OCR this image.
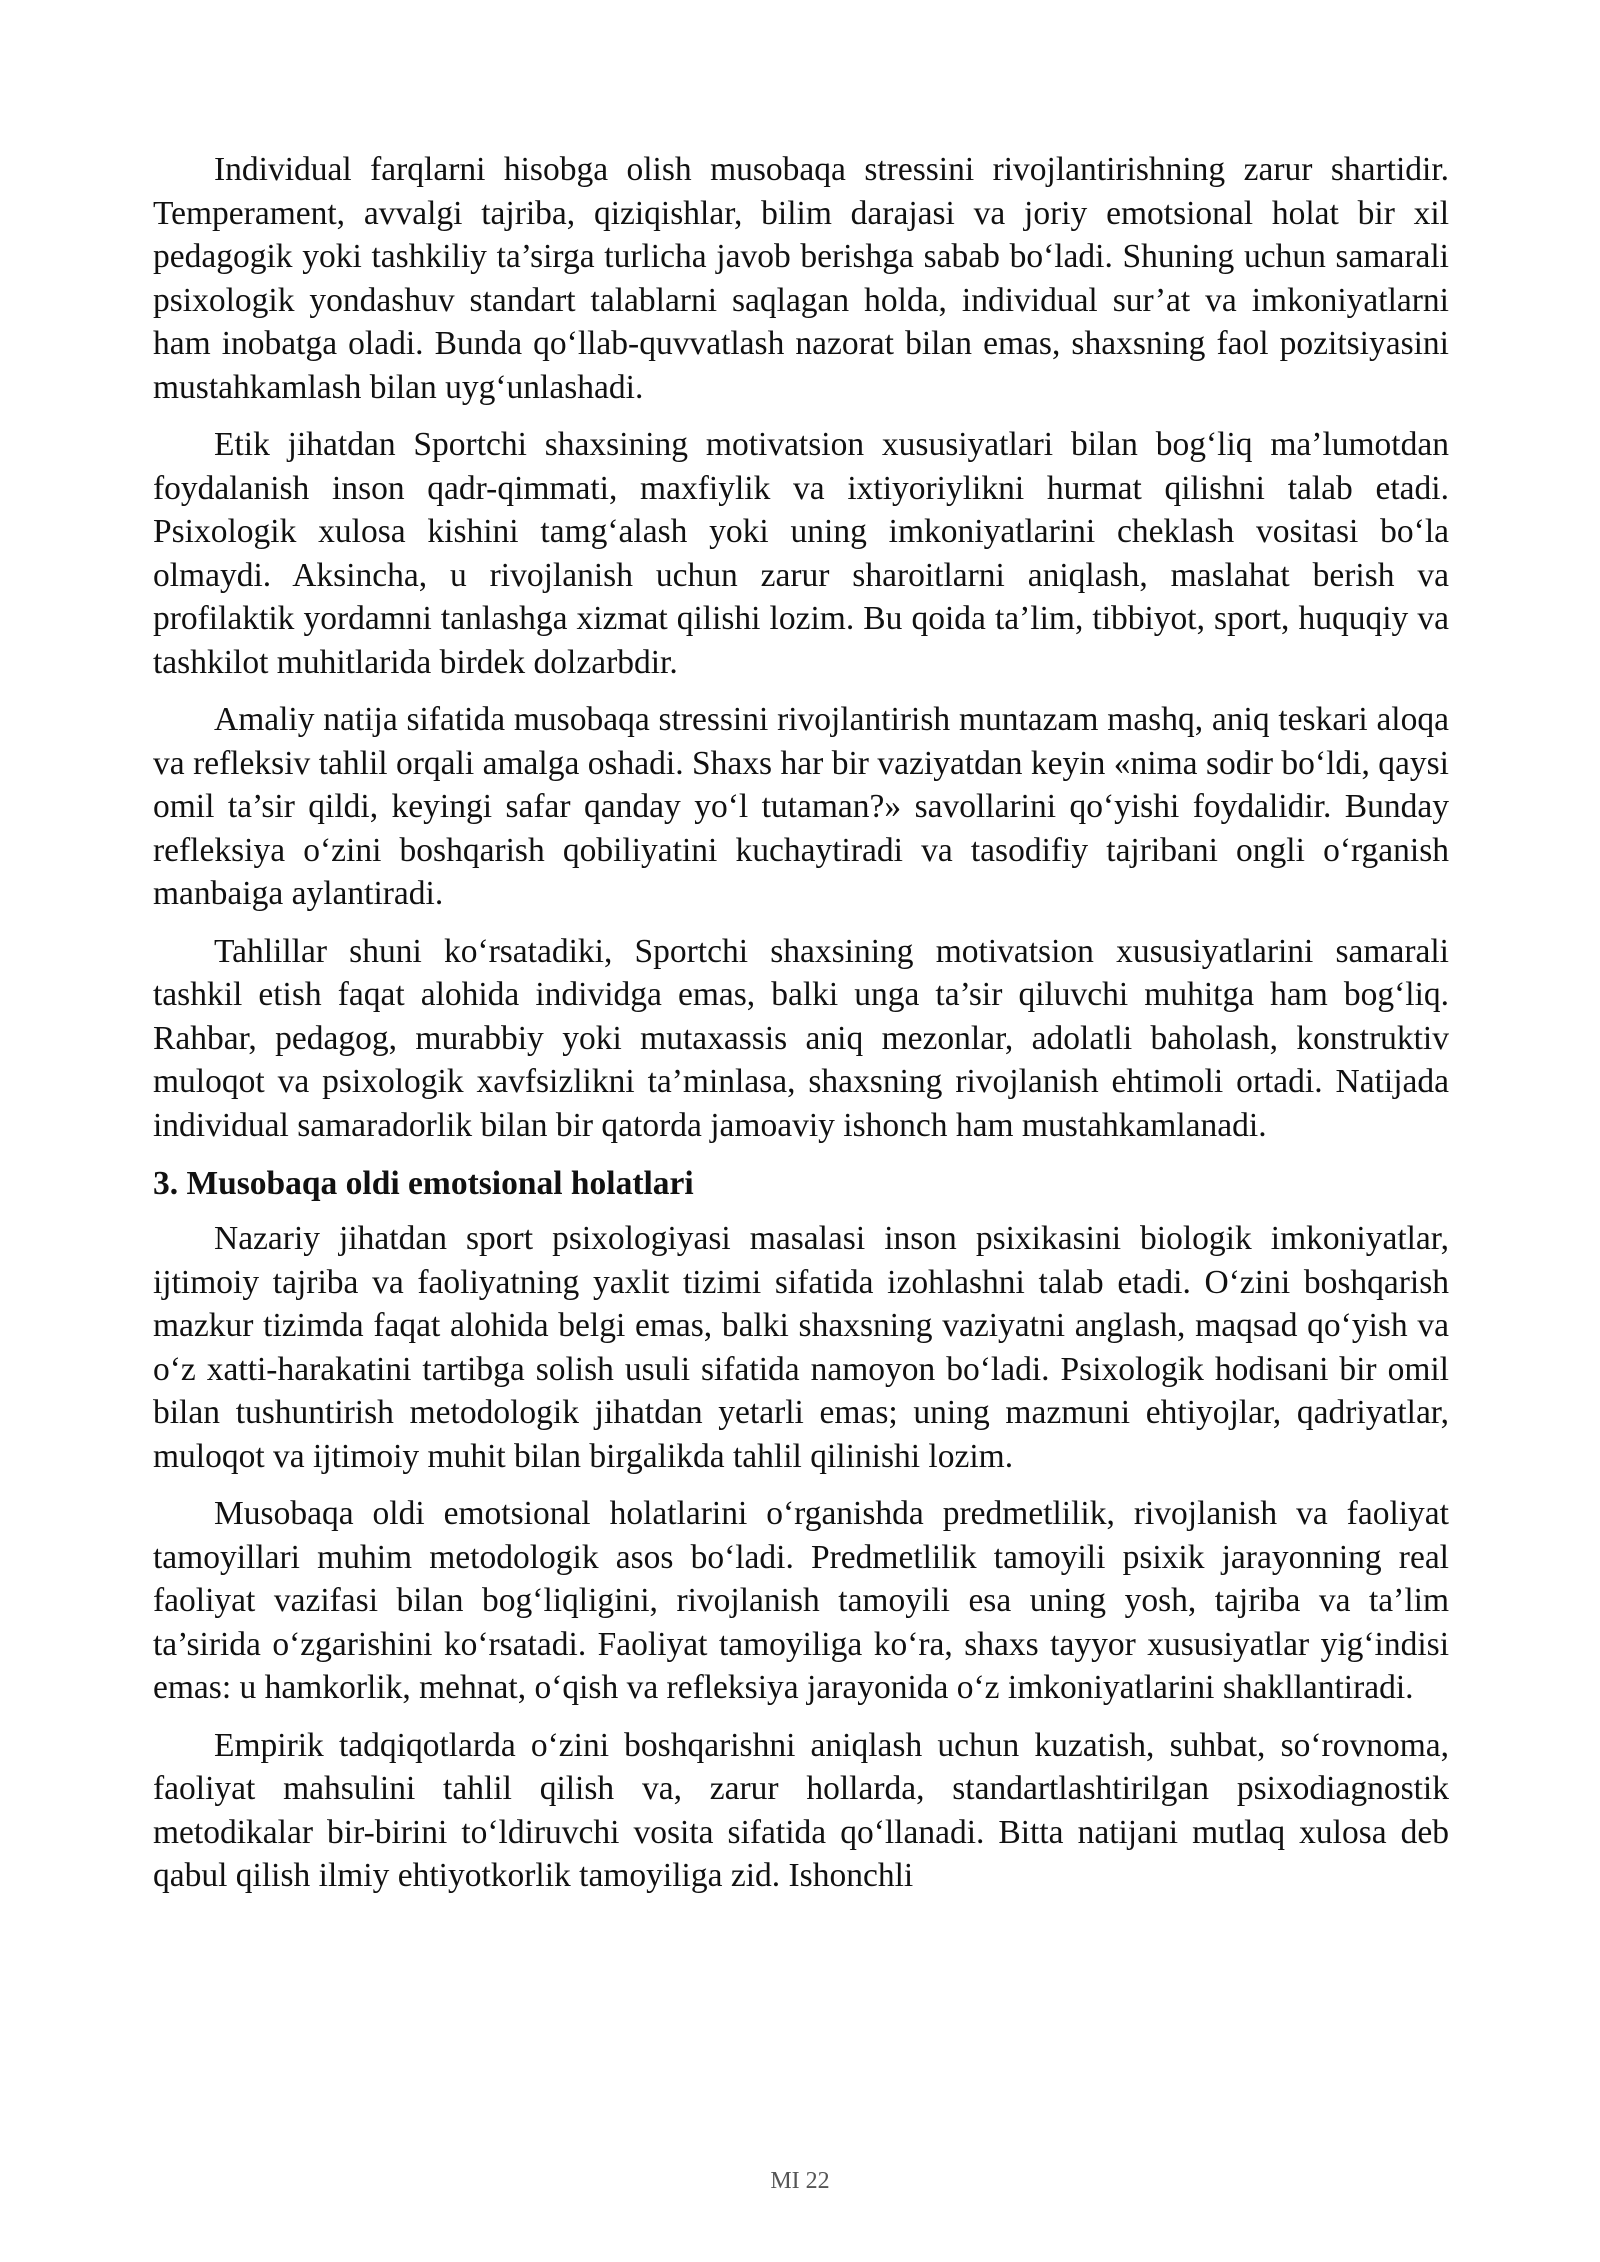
Individual farqlarni hisobga olish musobaqa stressini rivojlantirishning zarur shartidir. Temperament, avvalgi tajriba, qiziqishlar, bilim darajasi va joriy emotsional holat bir xil pedagogik yoki tashkiliy ta’sirga turlicha javob berishga sabab bo‘ladi. Shuning uchun samarali psixologik yondashuv standart talablarni saqlagan holda, individual sur’at va imkoniyatlarni ham inobatga oladi. Bunda qo‘llab-quvvatlash nazorat bilan emas, shaxsning faol pozitsiyasini mustahkamlash bilan uyg‘unlashadi.

Etik jihatdan Sportchi shaxsining motivatsion xususiyatlari bilan bog‘liq ma’lumotdan foydalanish inson qadr-qimmati, maxfiylik va ixtiyoriylikni hurmat qilishni talab etadi. Psixologik xulosa kishini tamg‘alash yoki uning imkoniyatlarini cheklash vositasi bo‘la olmaydi. Aksincha, u rivojlanish uchun zarur sharoitlarni aniqlash, maslahat berish va profilaktik yordamni tanlashga xizmat qilishi lozim. Bu qoida ta’lim, tibbiyot, sport, huquqiy va tashkilot muhitlarida birdek dolzarbdir.

Amaliy natija sifatida musobaqa stressini rivojlantirish muntazam mashq, aniq teskari aloqa va refleksiv tahlil orqali amalga oshadi. Shaxs har bir vaziyatdan keyin «nima sodir bo‘ldi, qaysi omil ta’sir qildi, keyingi safar qanday yo‘l tutaman?» savollarini qo‘yishi foydalidir. Bunday refleksiya o‘zini boshqarish qobiliyatini kuchaytiradi va tasodifiy tajribani ongli o‘rganish manbaiga aylantiradi.

Tahlillar shuni ko‘rsatadiki, Sportchi shaxsining motivatsion xususiyatlarini samarali tashkil etish faqat alohida individga emas, balki unga ta’sir qiluvchi muhitga ham bog‘liq. Rahbar, pedagog, murabbiy yoki mutaxassis aniq mezonlar, adolatli baholash, konstruktiv muloqot va psixologik xavfsizlikni ta’minlasa, shaxsning rivojlanish ehtimoli ortadi. Natijada individual samaradorlik bilan bir qatorda jamoaviy ishonch ham mustahkamlanadi.

3. Musobaqa oldi emotsional holatlari

Nazariy jihatdan sport psixologiyasi masalasi inson psixikasini biologik imkoniyatlar, ijtimoiy tajriba va faoliyatning yaxlit tizimi sifatida izohlashni talab etadi. O‘zini boshqarish mazkur tizimda faqat alohida belgi emas, balki shaxsning vaziyatni anglash, maqsad qo‘yish va o‘z xatti-harakatini tartibga solish usuli sifatida namoyon bo‘ladi. Psixologik hodisani bir omil bilan tushuntirish metodologik jihatdan yetarli emas; uning mazmuni ehtiyojlar, qadriyatlar, muloqot va ijtimoiy muhit bilan birgalikda tahlil qilinishi lozim.

Musobaqa oldi emotsional holatlarini o‘rganishda predmetlilik, rivojlanish va faoliyat tamoyillari muhim metodologik asos bo‘ladi. Predmetlilik tamoyili psixik jarayonning real faoliyat vazifasi bilan bog‘liqligini, rivojlanish tamoyili esa uning yosh, tajriba va ta’lim ta’sirida o‘zgarishini ko‘rsatadi. Faoliyat tamoyiliga ko‘ra, shaxs tayyor xususiyatlar yig‘indisi emas: u hamkorlik, mehnat, o‘qish va refleksiya jarayonida o‘z imkoniyatlarini shakllantiradi.

Empirik tadqiqotlarda o‘zini boshqarishni aniqlash uchun kuzatish, suhbat, so‘rovnoma, faoliyat mahsulini tahlil qilish va, zarur hollarda, standartlashtirilgan psixodiagnostik metodikalar bir-birini to‘ldiruvchi vosita sifatida qo‘llanadi. Bitta natijani mutlaq xulosa deb qabul qilish ilmiy ehtiyotkorlik tamoyiliga zid. Ishonchli

MI 22
